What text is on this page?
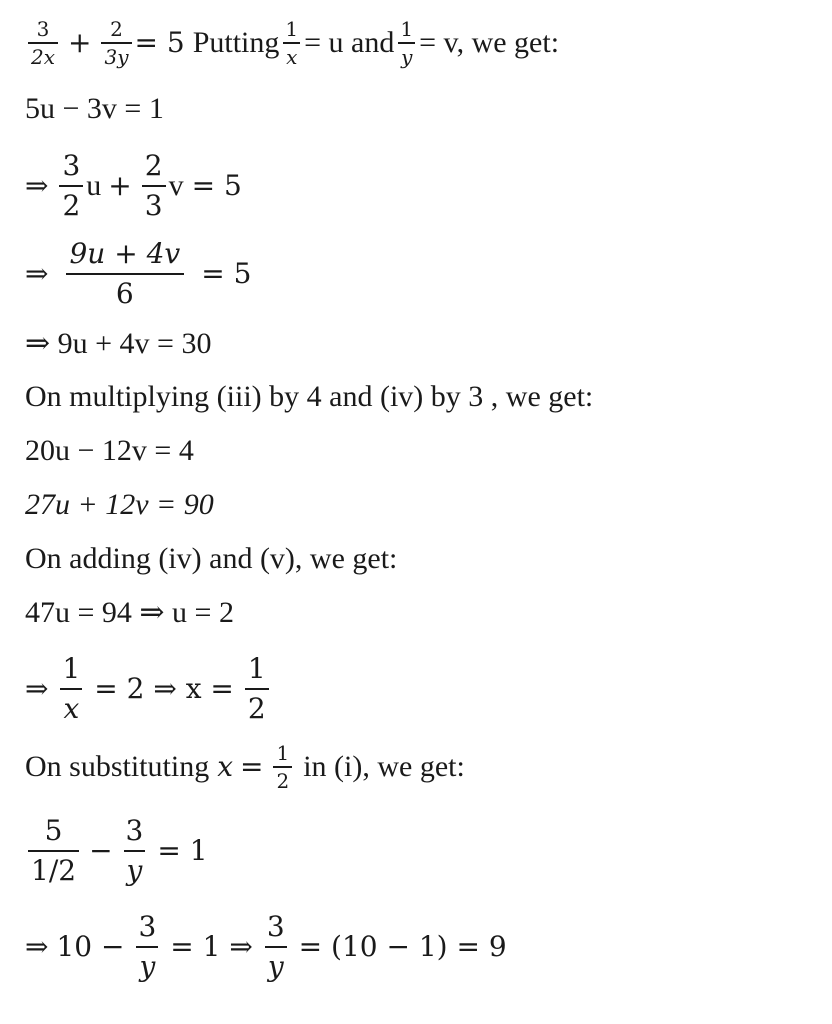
$\frac{3}{2x} + \frac{2}{3y} = 5$ Putting $\frac{1}{x} = u$ and $\frac{1}{y} = v$, we get:
5u − 3v = 1
⇒ $\frac{3}{2}$ $u + \frac{2}{3}$ v = 5
⇒ $\frac{9u + 4v}{6} = 5$
⇒ 9u + 4v = 30
On multiplying (iii) by 4 and (iv) by 3 , we get:
20u − 12v = 4
27u + 12v = 90
On adding (iv) and (v), we get:
47u = 94 ⇒ u = 2
⇒ $\frac{1}{x} = 2$ ⇒ $x = \frac{1}{2}$
On substituting $x = \frac{1}{2}$ in (i), we get:
$\frac{5}{1/2} - \frac{3}{y} = 1$
⇒ $10 - \frac{3}{y} = 1$ ⇒ $\frac{3}{y} = (10 - 1) = 9$
